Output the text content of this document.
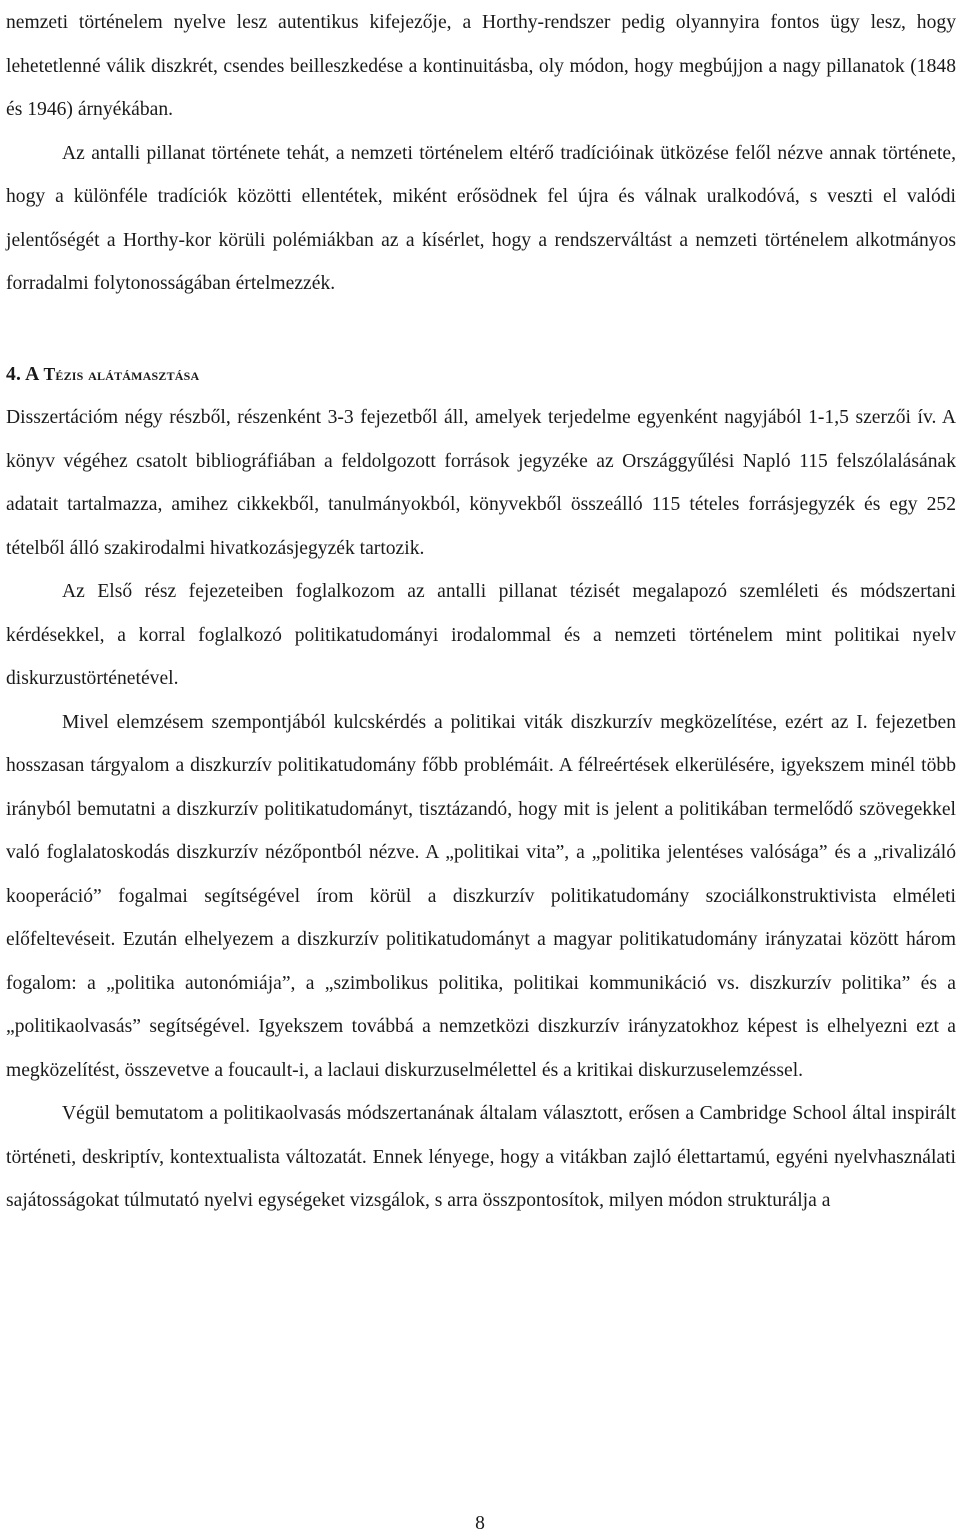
nemzeti történelem nyelve lesz autentikus kifejezője, a Horthy-rendszer pedig olyannyira fontos ügy lesz, hogy lehetetlenné válik diszkrét, csendes beilleszkedése a kontinuitásba, oly módon, hogy megbújjon a nagy pillanatok (1848 és 1946) árnyékában.

Az antalli pillanat története tehát, a nemzeti történelem eltérő tradícióinak ütközése felől nézve annak története, hogy a különféle tradíciók közötti ellentétek, miként erősödnek fel újra és válnak uralkodóvá, s veszti el valódi jelentőségét a Horthy-kor körüli polémiákban az a kísérlet, hogy a rendszerváltást a nemzeti történelem alkotmányos forradalmi folytonosságában értelmezzék.

4. A Tézis alátámasztása

Disszertációm négy részből, részenként 3-3 fejezetből áll, amelyek terjedelme egyenként nagyjából 1-1,5 szerzői ív. A könyv végéhez csatolt bibliográfiában a feldolgozott források jegyzéke az Országgyűlési Napló 115 felszólalásának adatait tartalmazza, amihez cikkekből, tanulmányokból, könyvekből összeálló 115 tételes forrásjegyzék és egy 252 tételből álló szakirodalmi hivatkozásjegyzék tartozik.

Az Első rész fejezeteiben foglalkozom az antalli pillanat tézisét megalapozó szemléleti és módszertani kérdésekkel, a korral foglalkozó politikatudományi irodalommal és a nemzeti történelem mint politikai nyelv diskurzustörténetével.

Mivel elemzésem szempontjából kulcskérdés a politikai viták diszkurzív megközelítése, ezért az I. fejezetben hosszasan tárgyalom a diszkurzív politikatudomány főbb problémáit. A félreértések elkerülésére, igyekszem minél több irányból bemutatni a diszkurzív politikatudományt, tisztázandó, hogy mit is jelent a politikában termelődő szövegekkel való foglalatoskodás diszkurzív nézőpontból nézve. A „politikai vita”, a „politika jelentéses valósága” és a „rivalizáló kooperáció” fogalmai segítségével írom körül a diszkurzív politikatudomány szociálkonstruktivista elméleti előfeltevéseit. Ezután elhelyezem a diszkurzív politikatudományt a magyar politikatudomány irányzatai között három fogalom: a „politika autonómiája”, a „szimbolikus politika, politikai kommunikáció vs. diszkurzív politika” és a „politikaolvasás” segítségével. Igyekszem továbbá a nemzetközi diszkurzív irányzatokhoz képest is elhelyezni ezt a megközelítést, összevetve a foucault-i, a laclaui diskurzuselmélettel és a kritikai diskurzuselemzéssel.

Végül bemutatom a politikaolvasás módszertanának általam választott, erősen a Cambridge School által inspirált történeti, deskriptív, kontextualista változatát. Ennek lényege, hogy a vitákban zajló élettartamú, egyéni nyelvhasználati sajátosságokat túlmutató nyelvi egységeket vizsgálok, s arra összpontosítok, milyen módon strukturálja a

8
